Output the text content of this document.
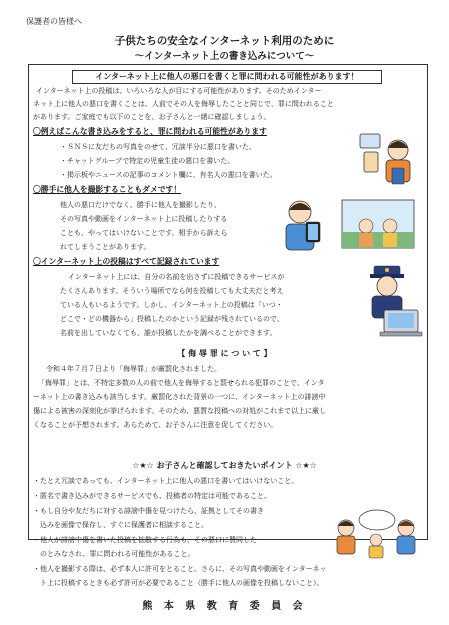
保護者の皆様へ
子供たちの安全なインターネット利用のために
～インターネット上の書き込みについて～
インターネット上に他人の悪口を書くと罪に問われる可能性があります！
インターネット上の投稿は、いろいろな人が目にする可能性があります。そのためインター
ネット上に他人の悪口を書くことは、人前でその人を侮辱したことと同じで、罪に問われること
があります。ご家庭でも以下のことを、お子さんと一緒に確認しましょう。
〇例えばこんな書き込みをすると、罪に問われる可能性があります
・ＳＮＳに友だちの写真をのせて、冗談半分に悪口を書いた。
・チャットグループで特定の児童生徒の悪口を書いた。
・掲示板やニュースの記事のコメント欄に、有名人の悪口を書いた。
〇勝手に他人を撮影することもダメです！
他人の悪口だけでなく、勝手に他人を撮影したり、
その写真や動画をインターネット上に投稿したりする
ことも、やってはいけないことです。相手から訴えら
れてしまうことがあります。
〇インターネット上の投稿はすべて記録されています
インターネット上には、自分の名前を出さずに投稿できるサービスが
たくさんあります。そういう場所でなら何を投稿しても大丈夫だと考え
ている人もいるようです。しかし、インターネット上の投稿は「いつ・
どこで・どの機器から」投稿したのかという記録が残されているので、
名前を出していなくても、誰が投稿したかを調べることができます。
【 侮 辱 罪 に つ い て 】
令和４年７月７日より「侮辱罪」が厳罰化されました。
「侮辱罪」とは、不特定多数の人の前で他人を侮辱すると罰せられる犯罪のことで、インタ
ーネット上の書き込みも該当します。厳罰化された背景の一つに、インターネット上の誹謗中
傷による被害の深刻化が挙げられます。そのため、悪質な投稿への対処がこれまで以上に厳し
くなることが予想されます。あらためて、お子さんに注意を促してください。
☆★☆ お子さんと確認しておきたいポイント ☆★☆
・たとえ冗談であっても、インターネット上に他人の悪口を書いてはいけないこと。
・匿名で書き込みができるサービスでも、投稿者の特定は可能であること。
・もし自分や友だちに対する誹謗中傷を見つけたら、証拠としてその書き
　込みを画像で保存し、すぐに保護者に相談すること。
・他人が誹謗中傷を書いた投稿を拡散する行為も、その悪口に賛同した
　のとみなされ、罪に問われる可能性があること。
・他人を撮影する際は、必ず本人に許可をとること。さらに、その写真や動画をインターネッ
　ト上に投稿するときも必ず許可が必要であること（勝手に他人の画像を投稿しないこと）。
熊 本 県 教 育 委 員 会
